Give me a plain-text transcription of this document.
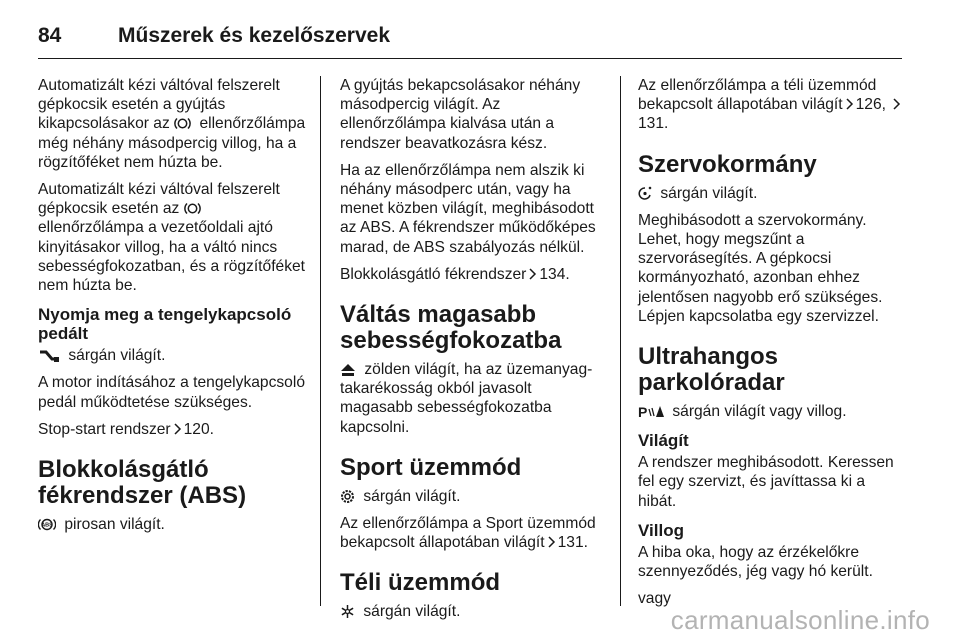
84	Műszerek és kezelőszervek

Automatizált kézi váltóval felszerelt gépkocsik esetén a gyújtás kikapcsolásakor az ellenőrzőlámpa még néhány másodpercig villog, ha a rögzítőféket nem húzta be.

Automatizált kézi váltóval felszerelt gépkocsik esetén az  ellenőrzőlámpa a vezetőoldali ajtó kinyitásakor villog, ha a váltó nincs sebességfokozatban, és a rögzítőféket nem húzta be.

Nyomja meg a tengelykapcsoló pedált

sárgán világít.

A motor indításához a tengelykapcsoló pedál működtetése szükséges.

Stop-start rendszer 120.

Blokkolásgátló fékrendszer (ABS)

ABS pirosan világít.

A gyújtás bekapcsolásakor néhány másodpercig világít. Az ellenőrzőlámpa kialvása után a rendszer beavatkozásra kész.

Ha az ellenőrzőlámpa nem alszik ki néhány másodperc után, vagy ha menet közben világít, meghibásodott az ABS. A fékrendszer működőképes marad, de ABS szabályozás nélkül.

Blokkolásgátló fékrendszer 134.

Váltás magasabb sebességfokozatba

zölden világít, ha az üzemanyag-takarékosság okból javasolt magasabb sebességfokozatba kapcsolni.

Sport üzemmód

sárgán világít.

Az ellenőrzőlámpa a Sport üzemmód bekapcsolt állapotában világít 131.

Téli üzemmód

sárgán világít.

Az ellenőrzőlámpa a téli üzemmód bekapcsolt állapotában világít 126, 131.

Szervokormány

sárgán világít.

Meghibásodott a szervokormány. Lehet, hogy megszűnt a szervorásegítés. A gépkocsi kormányozható, azonban ehhez jelentősen nagyobb erő szükséges. Lépjen kapcsolatba egy szervizzel.

Ultrahangos parkolóradar

P sárgán világít vagy villog.

Világít

A rendszer meghibásodott. Keressen fel egy szervizt, és javíttassa ki a hibát.

Villog

A hiba oka, hogy az érzékelőkre szennyeződés, jég vagy hó került.

vagy

carmanualsonline.info
